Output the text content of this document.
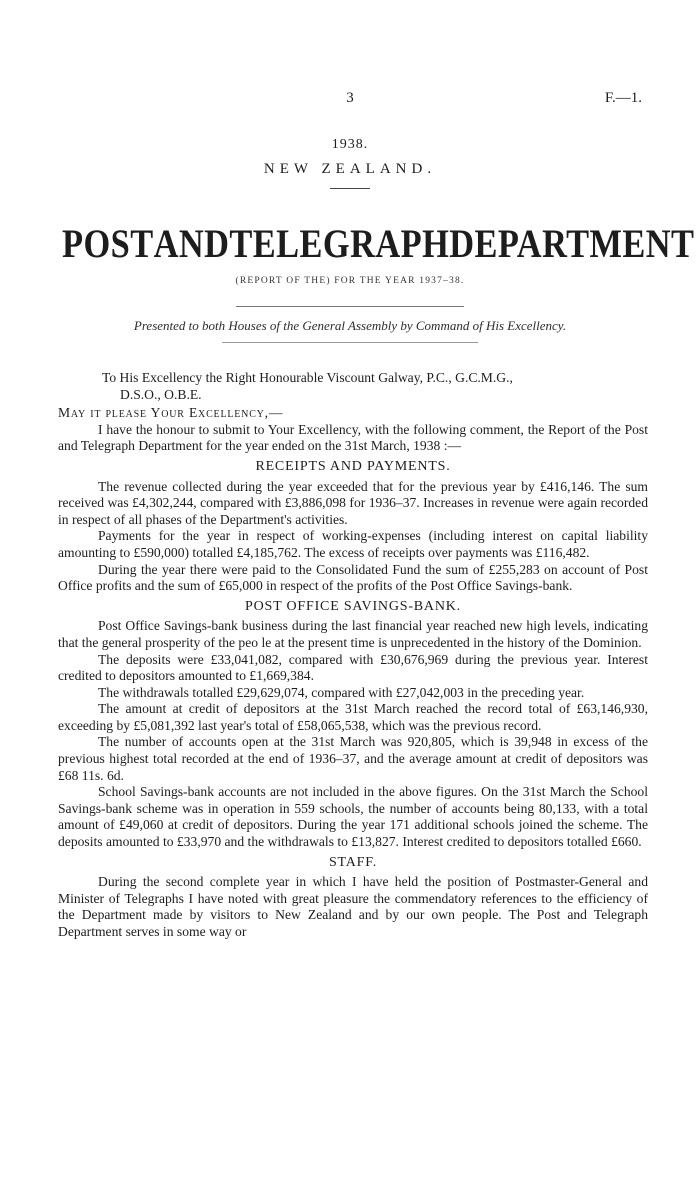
3	F.—1.
1938.
NEW ZEALAND.
POST AND TELEGRAPH DEPARTMENT
(REPORT OF THE) FOR THE YEAR 1937–38.
Presented to both Houses of the General Assembly by Command of His Excellency.

To His Excellency the Right Honourable Viscount Galway, P.C., G.C.M.G.,

D.S.O., O.B.E.

May it please Your Excellency,—

I have the honour to submit to Your Excellency, with the following comment, the Report of the Post and Telegraph Department for the year ended on the 31st March, 1938 :—

RECEIPTS AND PAYMENTS.

The revenue collected during the year exceeded that for the previous year by £416,146. The sum received was £4,302,244, compared with £3,886,098 for 1936–37. Increases in revenue were again recorded in respect of all phases of the Department's activities.

Payments for the year in respect of working-expenses (including interest on capital liability amounting to £590,000) totalled £4,185,762. The excess of receipts over payments was £116,482.

During the year there were paid to the Consolidated Fund the sum of £255,283 on account of Post Office profits and the sum of £65,000 in respect of the profits of the Post Office Savings-bank.

POST OFFICE SAVINGS-BANK.

Post Office Savings-bank business during the last financial year reached new high levels, indicating that the general prosperity of the peo le at the present time is unprecedented in the history of the Dominion.

The deposits were £33,041,082, compared with £30,676,969 during the previous year. Interest credited to depositors amounted to £1,669,384.

The withdrawals totalled £29,629,074, compared with £27,042,003 in the preceding year.

The amount at credit of depositors at the 31st March reached the record total of £63,146,930, exceeding by £5,081,392 last year's total of £58,065,538, which was the previous record.

The number of accounts open at the 31st March was 920,805, which is 39,948 in excess of the previous highest total recorded at the end of 1936–37, and the average amount at credit of depositors was £68 11s. 6d.

School Savings-bank accounts are not included in the above figures. On the 31st March the School Savings-bank scheme was in operation in 559 schools, the number of accounts being 80,133, with a total amount of £49,060 at credit of depositors. During the year 171 additional schools joined the scheme. The deposits amounted to £33,970 and the withdrawals to £13,827. Interest credited to depositors totalled £660.

STAFF.

During the second complete year in which I have held the position of Postmaster-General and Minister of Telegraphs I have noted with great pleasure the commendatory references to the efficiency of the Department made by visitors to New Zealand and by our own people. The Post and Telegraph Department serves in some way or
